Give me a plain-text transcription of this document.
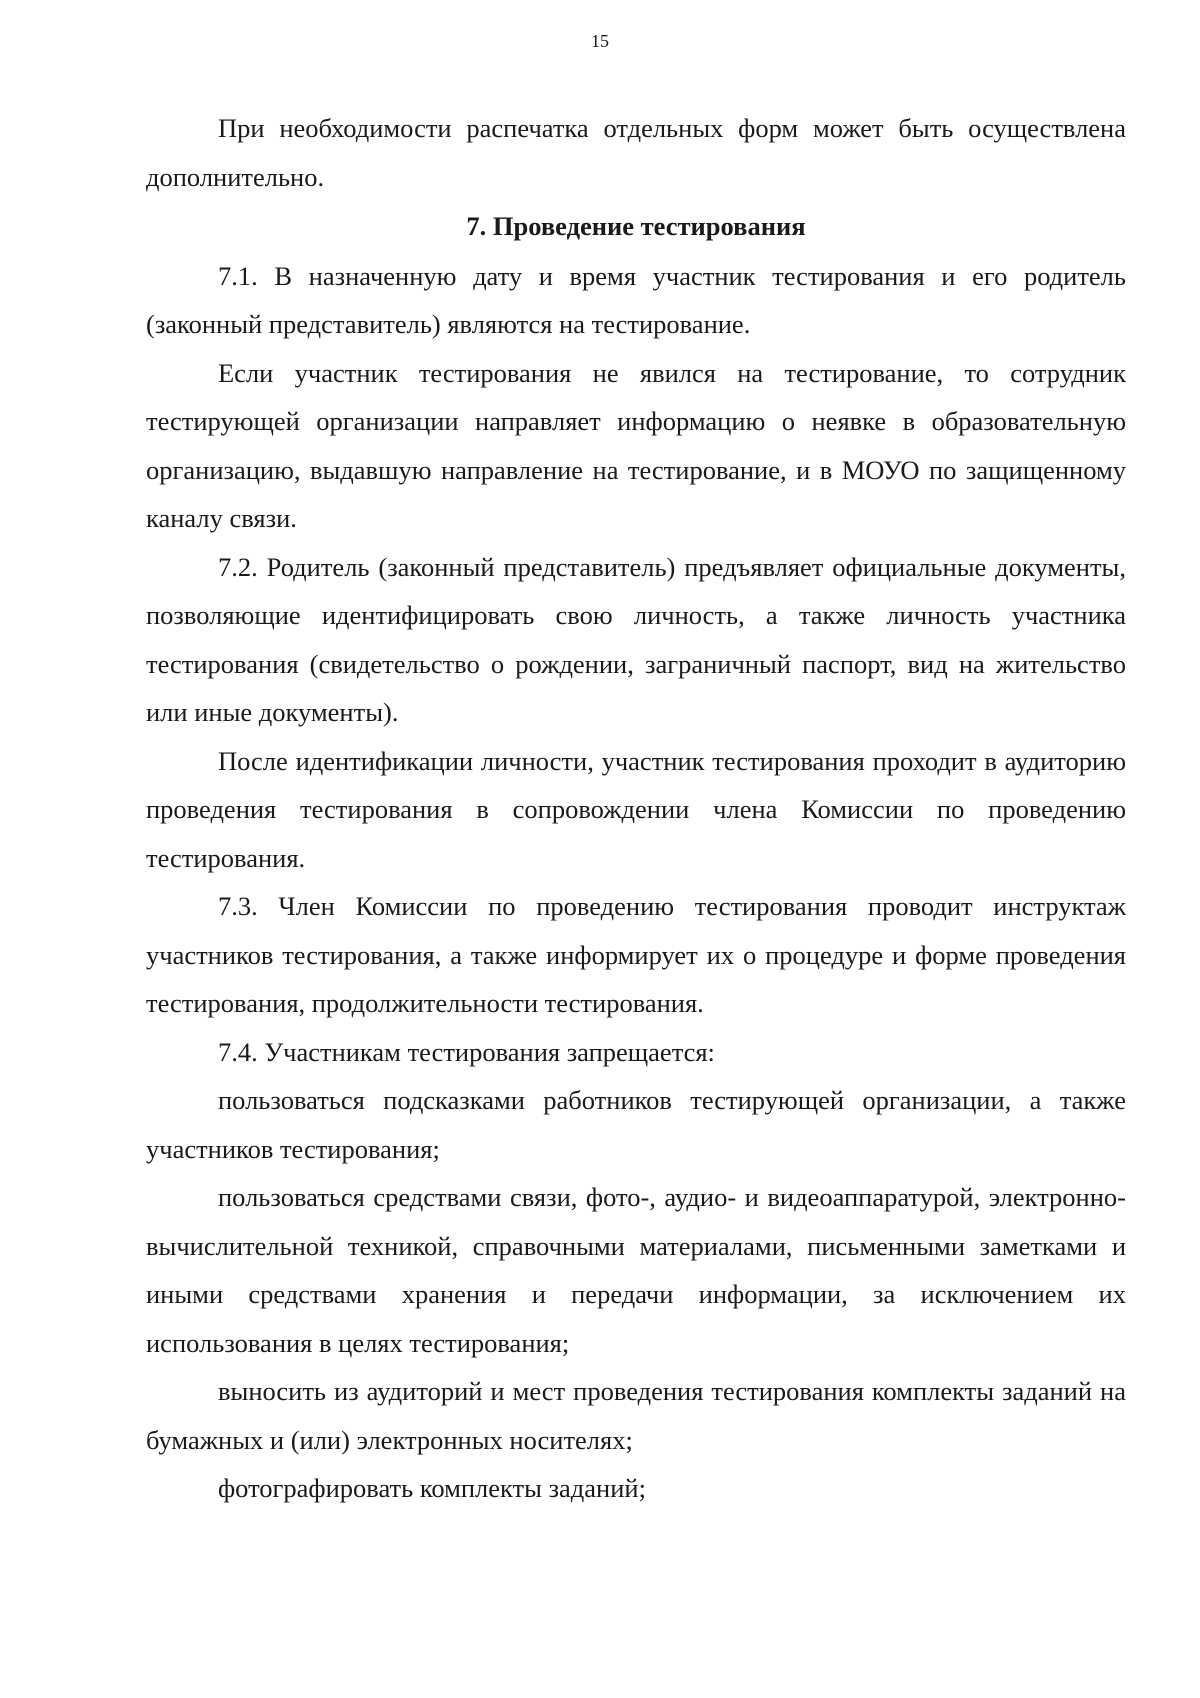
15

При необходимости распечатка отдельных форм может быть осуществлена дополнительно.

7. Проведение тестирования

7.1. В назначенную дату и время участник тестирования и его родитель (законный представитель) являются на тестирование.

Если участник тестирования не явился на тестирование, то сотрудник тестирующей организации направляет информацию о неявке в образовательную организацию, выдавшую направление на тестирование, и в МОУО по защищенному каналу связи.

7.2. Родитель (законный представитель) предъявляет официальные документы, позволяющие идентифицировать свою личность, а также личность участника тестирования (свидетельство о рождении, заграничный паспорт, вид на жительство или иные документы).

После идентификации личности, участник тестирования проходит в аудиторию проведения тестирования в сопровождении члена Комиссии по проведению тестирования.

7.3. Член Комиссии по проведению тестирования проводит инструктаж участников тестирования, а также информирует их о процедуре и форме проведения тестирования, продолжительности тестирования.

7.4. Участникам тестирования запрещается:

пользоваться подсказками работников тестирующей организации, а также участников тестирования;

пользоваться средствами связи, фото-, аудио- и видеоаппаратурой, электронно-вычислительной техникой, справочными материалами, письменными заметками и иными средствами хранения и передачи информации, за исключением их использования в целях тестирования;

выносить из аудиторий и мест проведения тестирования комплекты заданий на бумажных и (или) электронных носителях;

фотографировать комплекты заданий;
